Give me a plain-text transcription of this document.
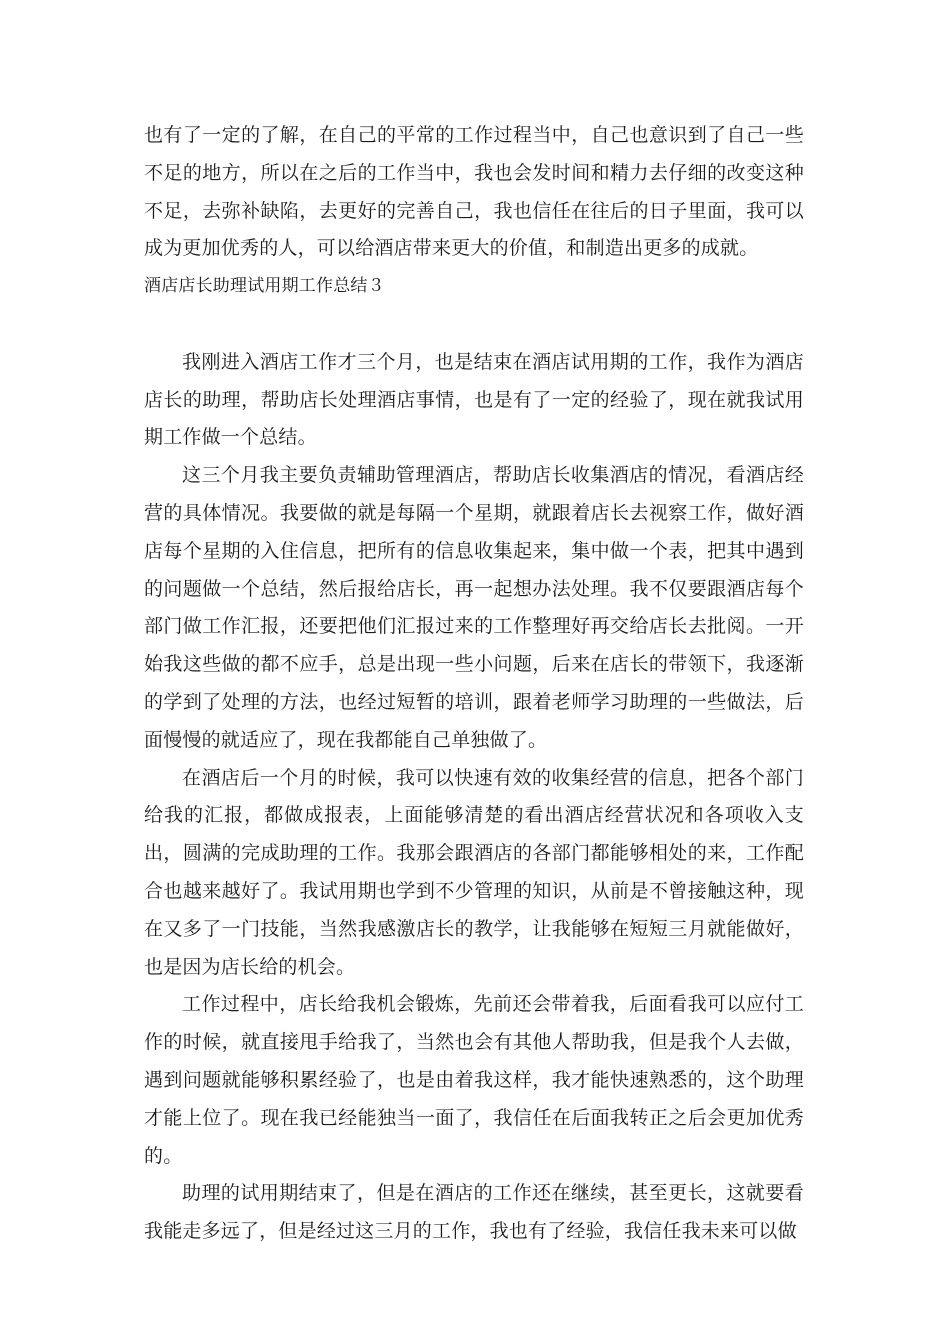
也有了一定的了解，在自己的平常的工作过程当中，自己也意识到了自己一些不足的地方，所以在之后的工作当中，我也会发时间和精力去仔细的改变这种不足，去弥补缺陷，去更好的完善自己，我也信任在往后的日子里面，我可以成为更加优秀的人，可以给酒店带来更大的价值，和制造出更多的成就。

酒店店长助理试用期工作总结３

我刚进入酒店工作才三个月，也是结束在酒店试用期的工作，我作为酒店店长的助理，帮助店长处理酒店事情，也是有了一定的经验了，现在就我试用期工作做一个总结。

这三个月我主要负责辅助管理酒店，帮助店长收集酒店的情况，看酒店经营的具体情况。我要做的就是每隔一个星期，就跟着店长去视察工作，做好酒店每个星期的入住信息，把所有的信息收集起来，集中做一个表，把其中遇到的问题做一个总结，然后报给店长，再一起想办法处理。我不仅要跟酒店每个部门做工作汇报，还要把他们汇报过来的工作整理好再交给店长去批阅。一开始我这些做的都不应手，总是出现一些小问题，后来在店长的带领下，我逐渐的学到了处理的方法，也经过短暂的培训，跟着老师学习助理的一些做法，后面慢慢的就适应了，现在我都能自己单独做了。

在酒店后一个月的时候，我可以快速有效的收集经营的信息，把各个部门给我的汇报，都做成报表，上面能够清楚的看出酒店经营状况和各项收入支出，圆满的完成助理的工作。我那会跟酒店的各部门都能够相处的来，工作配合也越来越好了。我试用期也学到不少管理的知识，从前是不曾接触这种，现在又多了一门技能，当然我感激店长的教学，让我能够在短短三月就能做好，也是因为店长给的机会。

工作过程中，店长给我机会锻炼，先前还会带着我，后面看我可以应付工作的时候，就直接甩手给我了，当然也会有其他人帮助我，但是我个人去做，遇到问题就能够积累经验了，也是由着我这样，我才能快速熟悉的，这个助理才能上位了。现在我已经能独当一面了，我信任在后面我转正之后会更加优秀的。

助理的试用期结束了，但是在酒店的工作还在继续，甚至更长，这就要看我能走多远了，但是经过这三月的工作，我也有了经验，我信任我未来可以做
